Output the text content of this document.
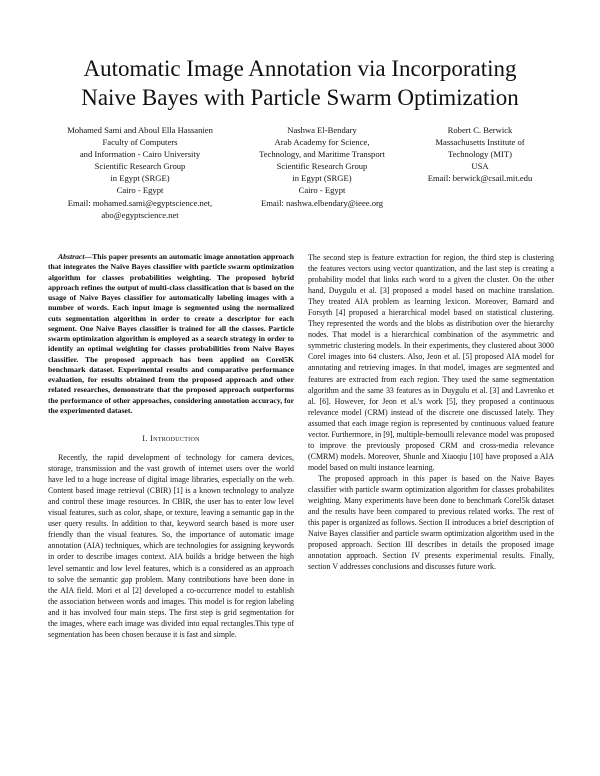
Automatic Image Annotation via Incorporating
Naive Bayes with Particle Swarm Optimization
Mohamed Sami and Aboul Ella Hassanien
Faculty of Computers
and Information - Cairo University
Scientific Research Group
in Egypt (SRGE)
Cairo - Egypt
Email: mohamed.sami@egyptscience.net,
abo@egyptscience.net
Nashwa El-Bendary
Arab Academy for Science,
Technology, and Maritime Transport
Scientific Research Group
in Egypt (SRGE)
Cairo - Egypt
Email: nashwa.elbendary@ieee.org
Robert C. Berwick
Massachusetts Institute of
Technology (MIT)
USA
Email: berwick@csail.mit.edu

Abstract—This paper presents an automatic image annotation approach that integrates the Naive Bayes classifier with particle swarm optimization algorithm for classes probabilities weighting. The proposed hybrid approach refines the output of multi-class classification that is based on the usage of Naive Bayes classifier for automatically labeling images with a number of words. Each input image is segmented using the normalized cuts segmentation algorithm in order to create a descriptor for each segment. One Naive Bayes classifier is trained for all the classes. Particle swarm optimization algorithm is employed as a search strategy in order to identify an optimal weighting for classes probabilities from Naive Bayes classifier. The proposed approach has been applied on Corel5K benchmark dataset. Experimental results and comparative performance evaluation, for results obtained from the proposed approach and other related researches, demonstrate that the proposed approach outperforms the performance of other approaches, considering annotation accuracy, for the experimented dataset.

I. Introduction

Recently, the rapid development of technology for camera devices, storage, transmission and the vast growth of internet users over the world have led to a huge increase of digital image libraries, especially on the web. Content based image retrieval (CBIR) [1] is a known technology to analyze and control these image resources. In CBIR, the user has to enter low level visual features, such as color, shape, or texture, leaving a semantic gap in the user query results. In addition to that, keyword search based is more user friendly than the visual features. So, the importance of automatic image annotation (AIA) techniques, which are technologies for assigning keywords in order to describe images context. AIA builds a bridge between the high level semantic and low level features, which is a considered as an approach to solve the semantic gap problem. Many contributions have been done in the AIA field. Mori et al [2] developed a co-occurrence model to establish the association between words and images. This model is for region labeling and it has involved four main steps. The first step is grid segmentation for the images, where each image was divided into equal rectangles.This type of segmentation has been chosen because it is fast and simple.

The second step is feature extraction for region, the third step is clustering the features vectors using vector quantization, and the last step is creating a probability model that links each word to a given the cluster. On the other hand, Duygulu et al. [3] proposed a model based on machine translation. They treated AIA problem as learning lexicon. Moreover, Barnard and Forsyth [4] proposed a hierarchical model based on statistical clustering. They represented the words and the blobs as distribution over the hierarchy nodes. That model is a hierarchical combination of the asymmetric and symmetric clustering models. In their experiments, they clustered about 3000 Corel images into 64 clusters. Also, Jeon et al. [5] proposed AIA model for annotating and retrieving images. In that model, images are segmented and features are extracted from each region. They used the same segmentation algorithm and the same 33 features as in Duygulu et al. [3] and Lavrenko et al. [6]. However, for Jeon et al.'s work [5], they proposed a continuous relevance model (CRM) instead of the discrete one discussed lately. They assumed that each image region is represented by continuous valued feature vector. Furthermore, in [9], multiple-bernoulli relevance model was proposed to improve the previously proposed CRM and cross-media relevance (CMRM) models. Moreover, Shunle and Xiaoqiu [10] have proposed a AIA model based on multi instance learning.

The proposed approach in this paper is based on the Naive Bayes classifier with particle swarm optimization algorithm for classes probabilites weighting. Many experiments have been done to benchmark Corel5k dataset and the results have been compared to previous related works. The rest of this paper is organized as follows. Section II introduces a brief description of Naive Bayes classifier and particle swarm optimization algorithm used in the proposed approach. Section III describes in details the proposed image annotation approach. Section IV presents experimental results. Finally, section V addresses conclusions and discusses future work.
